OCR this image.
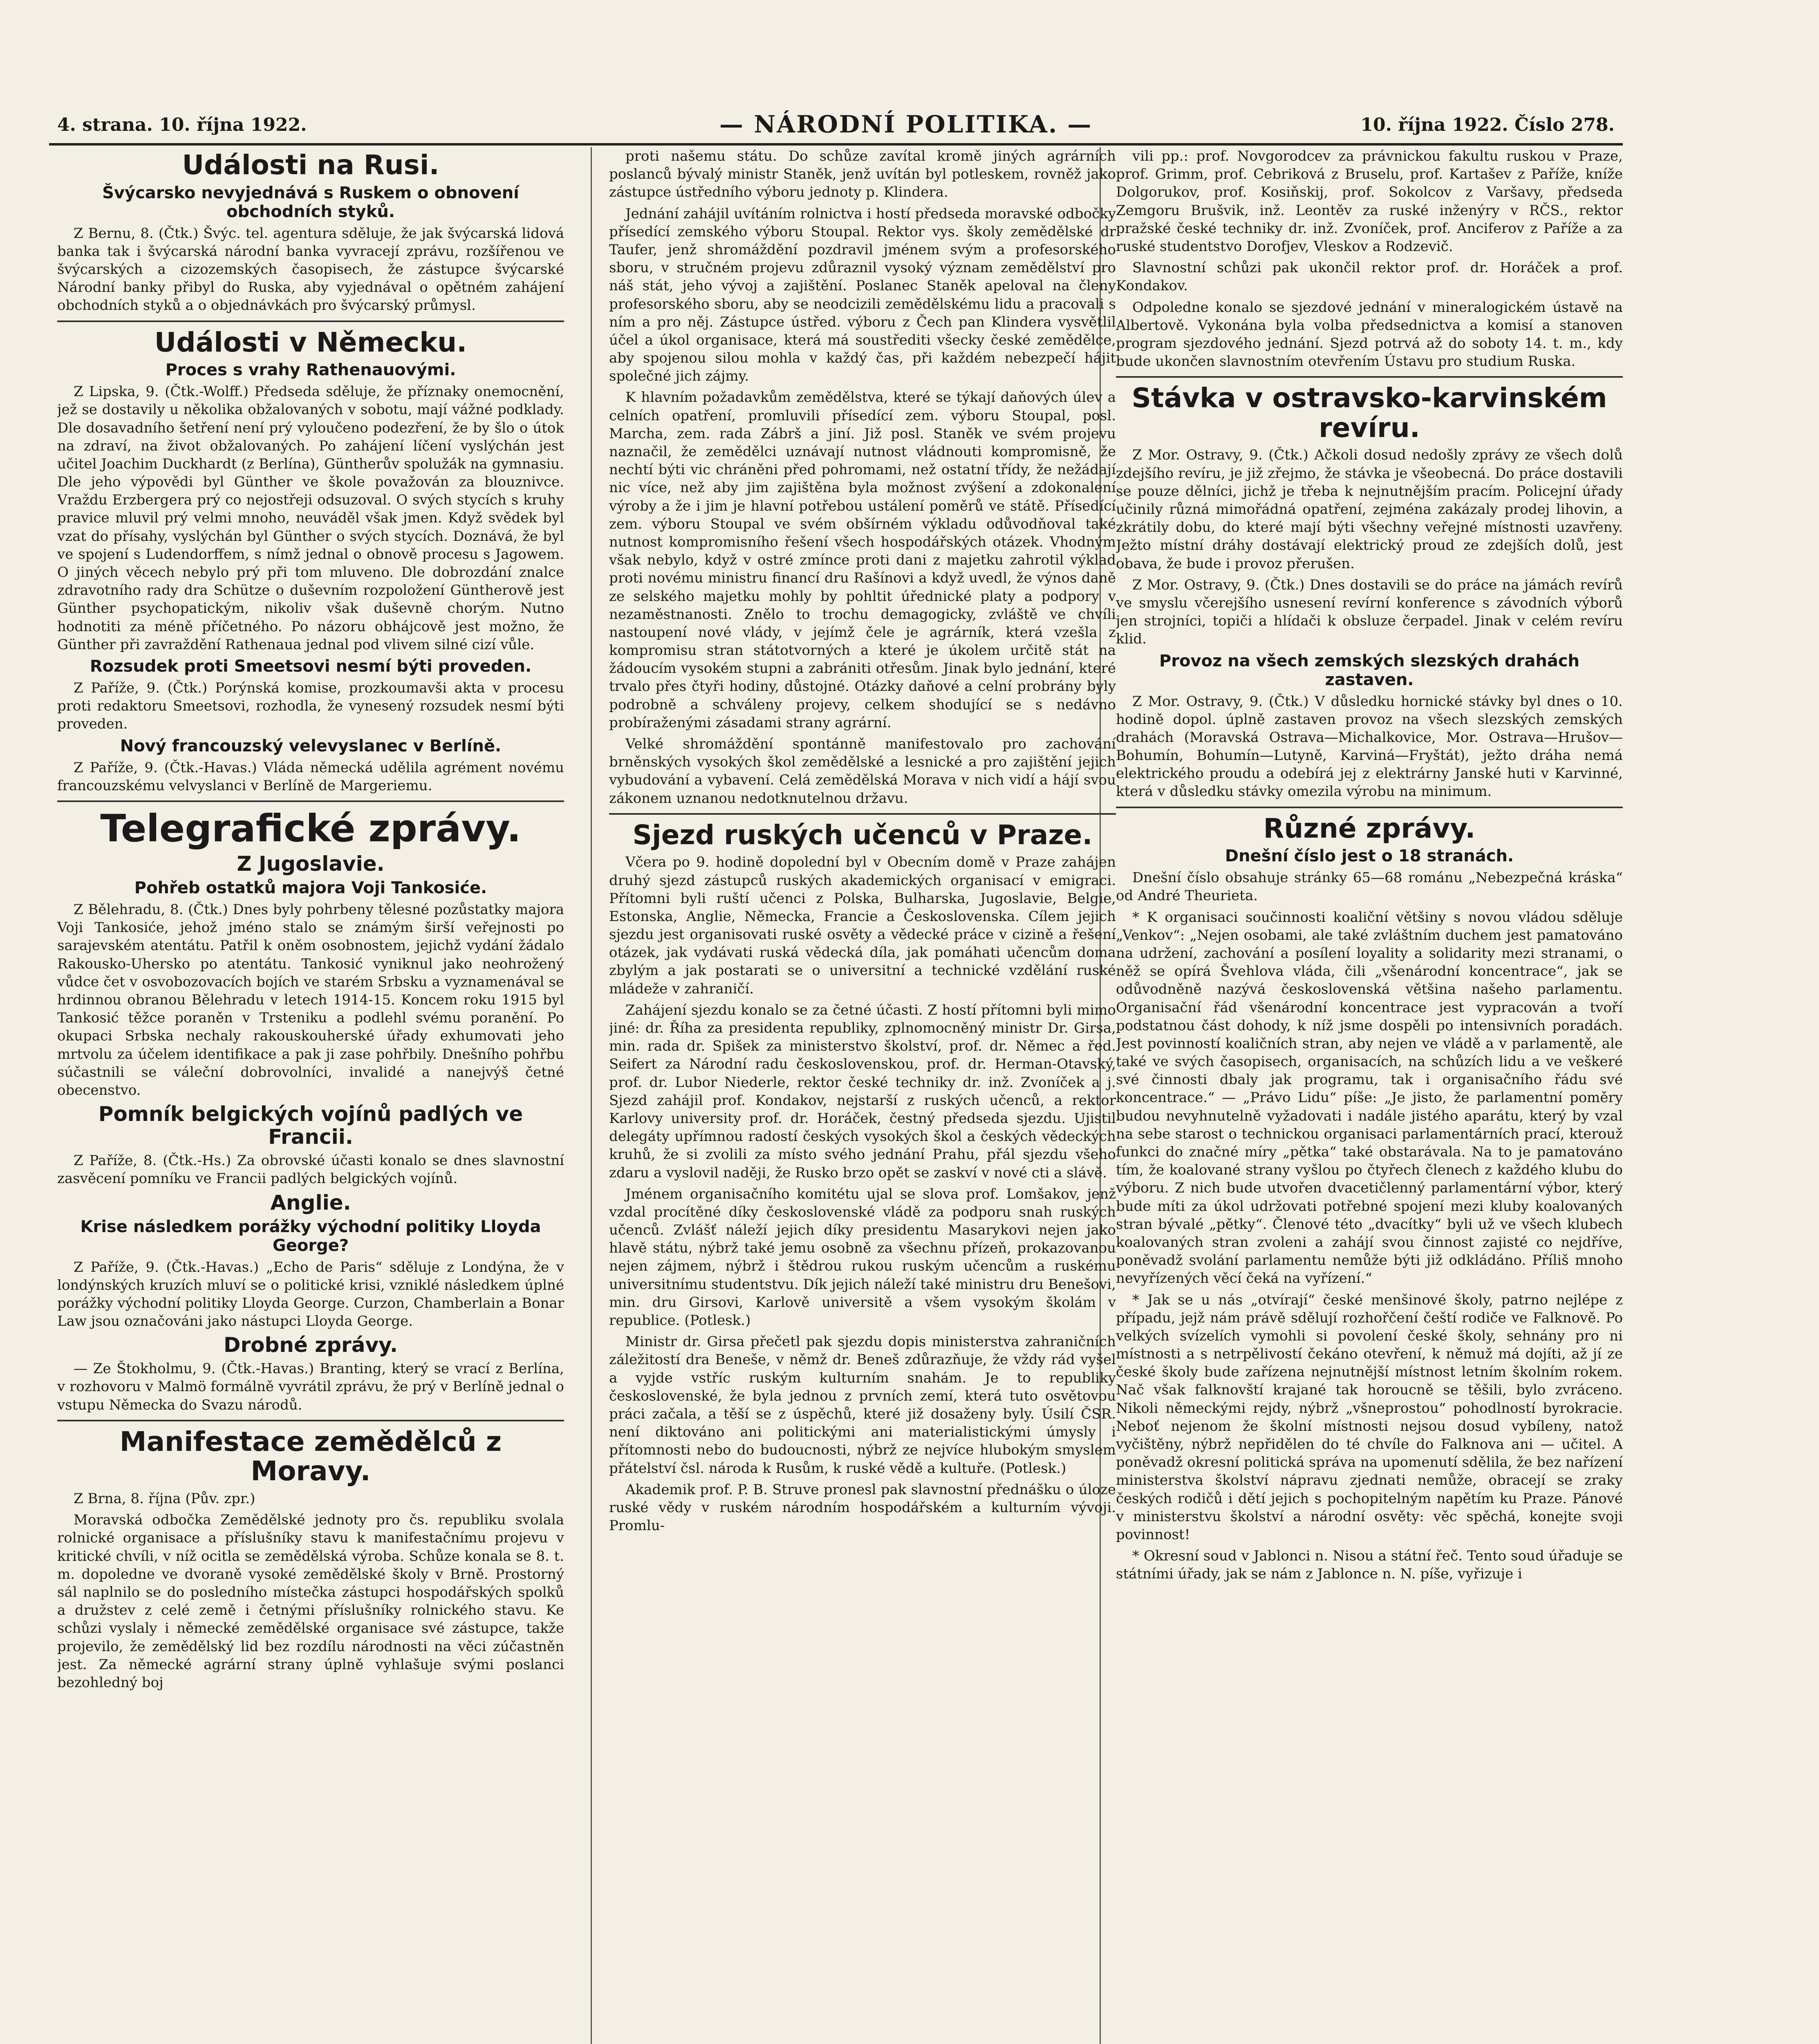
4. strana. 10. října 1922.	— NÁRODNÍ POLITIKA. —	10. října 1922. Číslo 278.
Události na Rusi.
Švýcarsko nevyjednává s Ruskem o obnovení obchodních styků.

Z Bernu, 8. (Čtk.) Švýc. tel. agentura sděluje, že jak švýcarská lidová banka tak i švýcarská národní banka vyvracejí zprávu, rozšířenou ve švýcarských a cizozemských časopisech, že zástupce švýcarské Národní banky přibyl do Ruska, aby vyjednával o opětném zahájení obchodních styků a o objednávkách pro švýcarský průmysl.

Události v Německu.
Proces s vrahy Rathenauovými.

Z Lipska, 9. (Čtk.-Wolff.) Předseda sděluje, že příznaky onemocnění, jež se dostavily u několika obžalovaných v sobotu, mají vážné podklady. Dle dosavadního šetření není prý vyloučeno podezření, že by šlo o útok na zdraví, na život obžalovaných. Po zahájení líčení vyslýchán jest učitel Joachim Duckhardt (z Berlína), Güntherův spolužák na gymnasiu. Dle jeho výpovědi byl Günther ve škole považován za blouznivce. Vraždu Erzbergera prý co nejostřeji odsuzoval. O svých stycích s kruhy pravice mluvil prý velmi mnoho, neuváděl však jmen. Když svědek byl vzat do přísahy, vyslýchán byl Günther o svých stycích. Doznává, že byl ve spojení s Ludendorffem, s nímž jednal o obnově procesu s Jagowem. O jiných věcech nebylo prý při tom mluveno. Dle dobrozdání znalce zdravotního rady dra Schütze o duševním rozpoložení Güntherově jest Günther psychopatickým, nikoliv však duševně chorým. Nutno hodnotiti za méně příčetného. Po názoru obhájcově jest možno, že Günther při zavraždění Rathenaua jednal pod vlivem silné cizí vůle.

Rozsudek proti Smeetsovi nesmí býti proveden.

Z Paříže, 9. (Čtk.) Porýnská komise, prozkoumavši akta v procesu proti redaktoru Smeetsovi, rozhodla, že vynesený rozsudek nesmí býti proveden.

Nový francouzský velevyslanec v Berlíně.

Z Paříže, 9. (Čtk.-Havas.) Vláda německá udělila agrément novému francouzskému velvyslanci v Berlíně de Margeriemu.

Telegrafické zprávy.
Z Jugoslavie.
Pohřeb ostatků majora Voji Tankosiće.

Z Bělehradu, 8. (Čtk.) Dnes byly pohrbeny tělesné pozůstatky majora Voji Tankosiće, jehož jméno stalo se známým širší veřejnosti po sarajevském atentátu. Patřil k oněm osobnostem, jejichž vydání žádalo Rakousko-Uhersko po atentátu. Tankosić vyniknul jako neohrožený vůdce čet v osvobozovacích bojích ve starém Srbsku a vyznamenával se hrdinnou obranou Bělehradu v letech 1914-15. Koncem roku 1915 byl Tankosić těžce poraněn v Trsteniku a podlehl svému poranění. Po okupaci Srbska nechaly rakouskouherské úřady exhumovati jeho mrtvolu za účelem identifikace a pak ji zase pohřbily. Dnešního pohřbu súčastnili se váleční dobrovolníci, invalidé a nanejvýš četné obecenstvo.

Pomník belgických vojínů padlých ve Francii.

Z Paříže, 8. (Čtk.-Hs.) Za obrovské účasti konalo se dnes slavnostní zasvěcení pomníku ve Francii padlých belgických vojínů.

Anglie.
Krise následkem porážky východní politiky Lloyda George?

Z Paříže, 9. (Čtk.-Havas.) „Echo de Paris“ sděluje z Londýna, že v londýnských kruzích mluví se o politické krisi, vzniklé následkem úplné porážky východní politiky Lloyda George. Curzon, Chamberlain a Bonar Law jsou označováni jako nástupci Lloyda George.

Drobné zprávy.

— Ze Štokholmu, 9. (Čtk.-Havas.) Branting, který se vrací z Berlína, v rozhovoru v Malmö formálně vyvrátil zprávu, že prý v Berlíně jednal o vstupu Německa do Svazu národů.

Manifestace zemědělců z Moravy.

Z Brna, 8. října (Pův. zpr.)

Moravská odbočka Zemědělské jednoty pro čs. republiku svolala rolnické organisace a příslušníky stavu k manifestačnímu projevu v kritické chvíli, v níž ocitla se zemědělská výroba. Schůze konala se 8. t. m. dopoledne ve dvoraně vysoké zemědělské školy v Brně. Prostorný sál naplnilo se do posledního místečka zástupci hospodářských spolků a družstev z celé země i četnými příslušníky rolnického stavu. Ke schůzi vyslaly i německé zemědělské organisace své zástupce, takže projevilo, že zemědělský lid bez rozdílu národnosti na věci zúčastněn jest. Za německé agrární strany úplně vyhlašuje svými poslanci bezohledný boj

proti našemu státu. Do schůze zavítal kromě jiných agrárních poslanců bývalý ministr Staněk, jenž uvítán byl potleskem, rovněž jako zástupce ústředního výboru jednoty p. Klindera.

Jednání zahájil uvítáním rolnictva i hostí předseda moravské odbočky přísedící zemského výboru Stoupal. Rektor vys. školy zemědělské dr Taufer, jenž shromáždění pozdravil jménem svým a profesorského sboru, v stručném projevu zdůraznil vysoký význam zemědělství pro náš stát, jeho vývoj a zajištění. Poslanec Staněk apeloval na členy profesorského sboru, aby se neodcizili zemědělskému lidu a pracovali s ním a pro něj. Zástupce ústřed. výboru z Čech pan Klindera vysvětlil účel a úkol organisace, která má soustřediti všecky české zemědělce, aby spojenou silou mohla v každý čas, při každém nebezpečí hájit společné jich zájmy.

K hlavním požadavkům zemědělstva, které se týkají daňových úlev a celních opatření, promluvili přísedící zem. výboru Stoupal, posl. Marcha, zem. rada Zábrš a jiní. Již posl. Staněk ve svém projevu naznačil, že zemědělci uznávají nutnost vládnouti kompromisně, že nechtí býti vic chráněni před pohromami, než ostatní třídy, že nežádají nic více, než aby jim zajištěna byla možnost zvýšení a zdokonalení výroby a že i jim je hlavní potřebou ustálení poměrů ve státě. Přísedící zem. výboru Stoupal ve svém obšírném výkladu odůvodňoval také nutnost kompromisního řešení všech hospodářských otázek. Vhodným však nebylo, když v ostré zmínce proti dani z majetku zahrotil výklad proti novému ministru financí dru Rašínovi a když uvedl, že výnos daně ze selského majetku mohly by pohltit úřednické platy a podpory v nezaměstnanosti. Znělo to trochu demagogicky, zvláště ve chvíli nastoupení nové vlády, v jejímž čele je agrárník, která vzešla z kompromisu stran státotvorných a které je úkolem určitě stát na žádoucím vysokém stupni a zabrániti otřesům. Jinak bylo jednání, které trvalo přes čtyři hodiny, důstojné. Otázky daňové a celní probrány byly podrobně a schváleny projevy, celkem shodující se s nedávno probíraženými zásadami strany agrární.

Velké shromáždění spontánně manifestovalo pro zachování brněnských vysokých škol zemědělské a lesnické a pro zajištění jejich vybudování a vybavení. Celá zemědělská Morava v nich vidí a hájí svou zákonem uznanou nedotknutelnou državu.

Sjezd ruských učenců v Praze.

Včera po 9. hodině dopolední byl v Obecním domě v Praze zahájen druhý sjezd zástupců ruských akademických organisací v emigraci. Přítomni byli ruští učenci z Polska, Bulharska, Jugoslavie, Belgie, Estonska, Anglie, Německa, Francie a Československa. Cílem jejich sjezdu jest organisovati ruské osvěty a vědecké práce v cizině a řešení otázek, jak vydávati ruská vědecká díla, jak pomáhati učencům doma zbylým a jak postarati se o universitní a technické vzdělání ruské mládeže v zahraničí.

Zahájení sjezdu konalo se za četné účasti. Z hostí přítomni byli mimo jiné: dr. Říha za presidenta republiky, zplnomocněný ministr Dr. Girsa, min. rada dr. Spišek za ministerstvo školství, prof. dr. Němec a řed. Seifert za Národní radu československou, prof. dr. Herman-Otavský, prof. dr. Lubor Niederle, rektor české techniky dr. inž. Zvoníček a j. Sjezd zahájil prof. Kondakov, nejstarší z ruských učenců, a rektor Karlovy university prof. dr. Horáček, čestný předseda sjezdu. Ujistil delegáty upřímnou radostí českých vysokých škol a českých vědeckých kruhů, že si zvolili za místo svého jednání Prahu, přál sjezdu všeho zdaru a vyslovil naději, že Rusko brzo opět se zaskví v nové cti a slávě.

Jménem organisačního komitétu ujal se slova prof. Lomšakov, jenž vzdal procítěné díky československé vládě za podporu snah ruských učenců. Zvlášť náleží jejich díky presidentu Masarykovi nejen jako hlavě státu, nýbrž také jemu osobně za všechnu přízeň, prokazovanou nejen zájmem, nýbrž i štědrou rukou ruským učencům a ruskému universitnímu studentstvu. Dík jejich náleží také ministru dru Benešovi, min. dru Girsovi, Karlově universitě a všem vysokým školám v republice. (Potlesk.)

Ministr dr. Girsa přečetl pak sjezdu dopis ministerstva zahraničních záležitostí dra Beneše, v němž dr. Beneš zdůrazňuje, že vždy rád vyšel a vyjde vstříc ruským kulturním snahám. Je to republiky československé, že byla jednou z prvních zemí, která tuto osvětovou práci začala, a těší se z úspěchů, které již dosaženy byly. Úsilí ČSR. není diktováno ani politickými ani materialistickými úmysly i přítomnosti nebo do budoucnosti, nýbrž ze nejvíce hlubokým smyslem přátelství čsl. národa k Rusům, k ruské vědě a kultuře. (Potlesk.)

Akademik prof. P. B. Struve pronesl pak slavnostní přednášku o úloze ruské vědy v ruském národním hospodářském a kulturním vývoji. Promlu-

vili pp.: prof. Novgorodcev za právnickou fakultu ruskou v Praze, prof. Grimm, prof. Cebriková z Bruselu, prof. Kartašev z Paříže, kníže Dolgorukov, prof. Kosiňskij, prof. Sokolcov z Varšavy, předseda Zemgoru Brušvik, inž. Leontěv za ruské inženýry v RČS., rektor pražské české techniky dr. inž. Zvoníček, prof. Anciferov z Paříže a za ruské studentstvo Dorofjev, Vleskov a Rodzevič.

Slavnostní schůzi pak ukončil rektor prof. dr. Horáček a prof. Kondakov.

Odpoledne konalo se sjezdové jednání v mineralogickém ústavě na Albertově. Vykonána byla volba předsednictva a komisí a stanoven program sjezdového jednání. Sjezd potrvá až do soboty 14. t. m., kdy bude ukončen slavnostním otevřením Ústavu pro studium Ruska.

Stávka v ostravsko-karvinském revíru.

Z Mor. Ostravy, 9. (Čtk.) Ačkoli dosud nedošly zprávy ze všech dolů zdejšího revíru, je již zřejmo, že stávka je všeobecná. Do práce dostavili se pouze dělníci, jichž je třeba k nejnutnějším pracím. Policejní úřady učinily různá mimořádná opatření, zejména zakázaly prodej lihovin, a zkrátily dobu, do které mají býti všechny veřejné místnosti uzavřeny. Ježto místní dráhy dostávají elektrický proud ze zdejších dolů, jest obava, že bude i provoz přerušen.

Z Mor. Ostravy, 9. (Čtk.) Dnes dostavili se do práce na jámách revírů ve smyslu včerejšího usnesení revírní konference s závodních výborů jen strojníci, topiči a hlídači k obsluze čerpadel. Jinak v celém revíru klid.

Provoz na všech zemských slezských drahách zastaven.

Z Mor. Ostravy, 9. (Čtk.) V důsledku hornické stávky byl dnes o 10. hodině dopol. úplně zastaven provoz na všech slezských zemských drahách (Moravská Ostrava—Michalkovice, Mor. Ostrava—Hrušov—Bohumín, Bohumín—Lutyně, Karviná—Fryštát), ježto dráha nemá elektrického proudu a odebírá jej z elektrárny Janské huti v Karvinné, která v důsledku stávky omezila výrobu na minimum.

Různé zprávy.
Dnešní číslo jest o 18 stranách.

Dnešní číslo obsahuje stránky 65—68 románu „Nebezpečná kráska“ od André Theurieta.

* K organisaci součinnosti koaliční většiny s novou vládou sděluje „Venkov“: „Nejen osobami, ale také zvláštním duchem jest pamatováno na udržení, zachování a posílení loyality a solidarity mezi stranami, o něž se opírá Švehlova vláda, čili „všenárodní koncentrace“, jak se odůvodněně nazývá československá většina našeho parlamentu. Organisační řád všenárodní koncentrace jest vypracován a tvoří podstatnou část dohody, k níž jsme dospěli po intensivních poradách. Jest povinností koaličních stran, aby nejen ve vládě a v parlamentě, ale také ve svých časopisech, organisacích, na schůzích lidu a ve veškeré své činnosti dbaly jak programu, tak i organisačního řádu své koncentrace.“ — „Právo Lidu“ píše: „Je jisto, že parlamentní poměry budou nevyhnutelně vyžadovati i nadále jistého aparátu, který by vzal na sebe starost o technickou organisaci parlamentárních prací, kterouž funkci do značné míry „pětka“ také obstarávala. Na to je pamatováno tím, že koalované strany vyšlou po čtyřech členech z každého klubu do výboru. Z nich bude utvořen dvacetičlenný parlamentární výbor, který bude míti za úkol udržovati potřebné spojení mezi kluby koalovaných stran bývalé „pětky“. Členové této „dvacítky“ byli už ve všech klubech koalovaných stran zvoleni a zahájí svou činnost zajisté co nejdříve, poněvadž svolání parlamentu nemůže býti již odkládáno. Příliš mnoho nevyřízených věcí čeká na vyřízení.“

* Jak se u nás „otvírají“ české menšinové školy, patrno nejlépe z případu, jejž nám právě sdělují rozhořčení čeští rodiče ve Falknově. Po velkých svízelích vymohli si povolení české školy, sehnány pro ni místnosti a s netrpělivostí čekáno otevření, k němuž má dojíti, až jí ze české školy bude zařízena nejnutnější místnost letním školním rokem. Nač však falknovští krajané tak horoucně se těšili, bylo zvráceno. Nikoli německými rejdy, nýbrž „všneprostou“ pohodlností byrokracie. Neboť nejenom že školní místnosti nejsou dosud vybíleny, natož vyčištěny, nýbrž nepřidělen do té chvíle do Falknova ani — učitel. A poněvadž okresní politická správa na upomenutí sdělila, že bez nařízení ministerstva školství nápravu zjednati nemůže, obracejí se zraky českých rodičů i dětí jejich s pochopitelným napětím ku Praze. Pánové v ministerstvu školství a národní osvěty: věc spěchá, konejte svoji povinnost!

* Okresní soud v Jablonci n. Nisou a státní řeč. Tento soud úřaduje se státními úřady, jak se nám z Jablonce n. N. píše, vyřizuje i
